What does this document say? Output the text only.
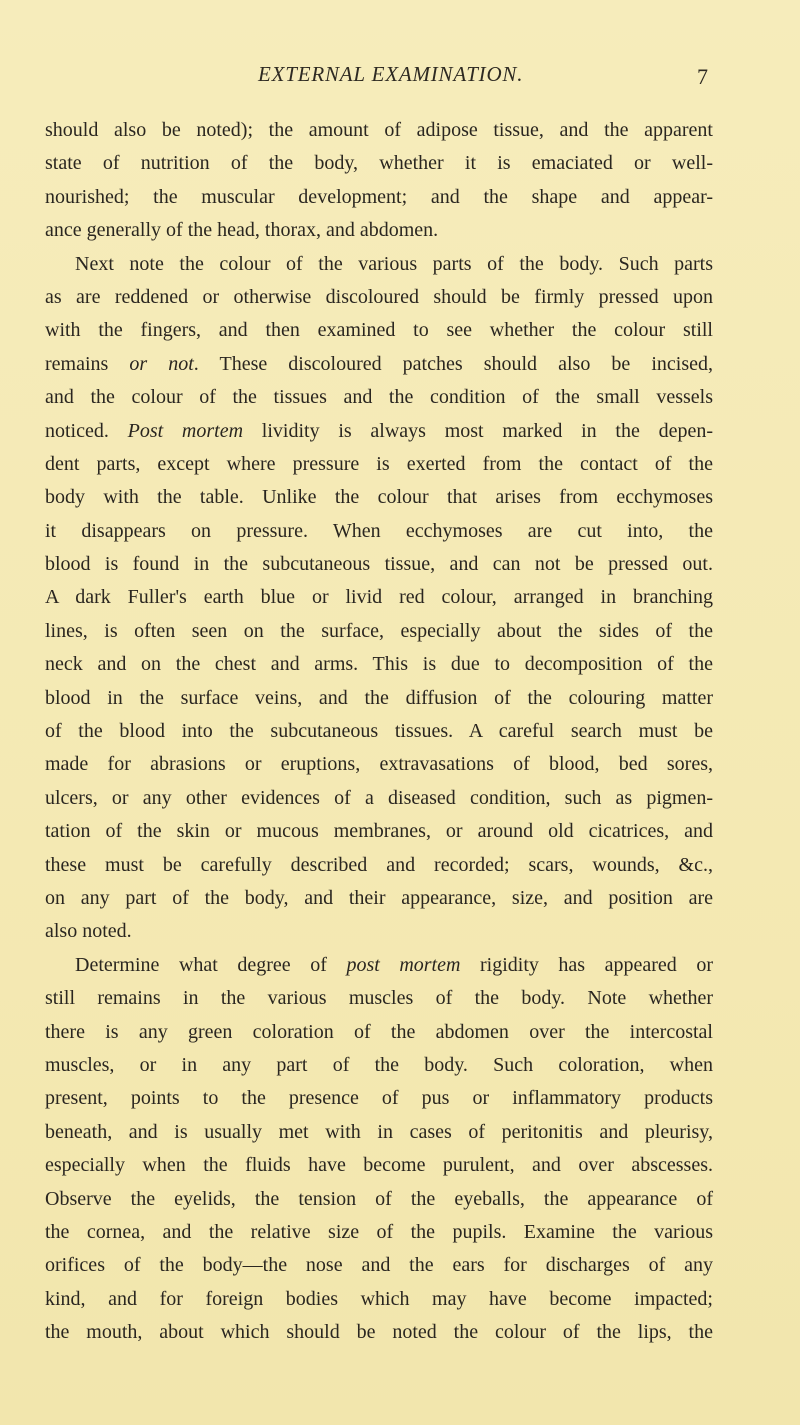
EXTERNAL EXAMINATION.	7
should also be noted); the amount of adipose tissue, and the apparent
state of nutrition of the body, whether it is emaciated or well-
nourished; the muscular development; and the shape and appear-
ance generally of the head, thorax, and abdomen.
Next note the colour of the various parts of the body. Such parts
as are reddened or otherwise discoloured should be firmly pressed upon
with the fingers, and then examined to see whether the colour still
remains or not. These discoloured patches should also be incised,
and the colour of the tissues and the condition of the small vessels
noticed. Post mortem lividity is always most marked in the depen-
dent parts, except where pressure is exerted from the contact of the
body with the table. Unlike the colour that arises from ecchymoses
it disappears on pressure. When ecchymoses are cut into, the
blood is found in the subcutaneous tissue, and can not be pressed out.
A dark Fuller's earth blue or livid red colour, arranged in branching
lines, is often seen on the surface, especially about the sides of the
neck and on the chest and arms. This is due to decomposition of the
blood in the surface veins, and the diffusion of the colouring matter
of the blood into the subcutaneous tissues. A careful search must be
made for abrasions or eruptions, extravasations of blood, bed sores,
ulcers, or any other evidences of a diseased condition, such as pigmen-
tation of the skin or mucous membranes, or around old cicatrices, and
these must be carefully described and recorded; scars, wounds, &c.,
on any part of the body, and their appearance, size, and position are
also noted.
Determine what degree of post mortem rigidity has appeared or
still remains in the various muscles of the body. Note whether
there is any green coloration of the abdomen over the intercostal
muscles, or in any part of the body. Such coloration, when
present, points to the presence of pus or inflammatory products
beneath, and is usually met with in cases of peritonitis and pleurisy,
especially when the fluids have become purulent, and over abscesses.
Observe the eyelids, the tension of the eyeballs, the appearance of
the cornea, and the relative size of the pupils. Examine the various
orifices of the body—the nose and the ears for discharges of any
kind, and for foreign bodies which may have become impacted;
the mouth, about which should be noted the colour of the lips, the
